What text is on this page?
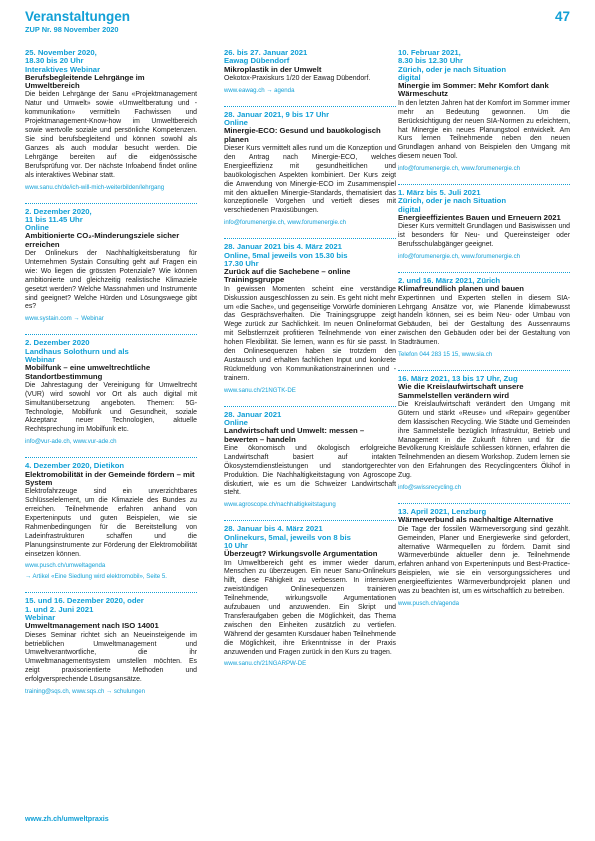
Veranstaltungen
ZUP Nr. 98 November 2020
47
25. November 2020,
18.30 bis 20 Uhr
Interaktives Webinar
Berufsbegleitende Lehrgänge im Umweltbereich
Die beiden Lehrgänge der Sanu «Projektmanagement Natur und Umwelt» sowie «Umweltberatung und -kommunikation» vermitteln Fachwissen und Projektmanagement-Know-how im Umweltbereich sowie wertvolle soziale und persönliche Kompetenzen. Sie sind berufsbegleitend und können sowohl als Ganzes als auch modular besucht werden. Die Lehrgänge bereiten auf die eidgenössische Berufsprüfung vor. Der nächste Infoabend findet online als interaktives Webinar statt.
www.sanu.ch/de/ich-will-mich-weiterbilden/lehrgang
2. Dezember 2020,
11 bis 11.45 Uhr
Online
Ambitionierte CO₂-Minderungsziele sicher erreichen
Der Onlinekurs der Nachhaltigkeitsberatung für Unternehmen Systain Consulting geht auf Fragen ein wie: Wo liegen die grössten Potenziale? Wie können ambitionierte und gleichzeitig realistische Klimaziele gesetzt werden? Welche Massnahmen und Instrumente sind geeignet? Welche Hürden und Lösungswege gibt es?
www.systain.com → Webinar
2. Dezember 2020
Landhaus Solothurn und als
Webinar
Mobilfunk – eine umweltrechtliche Standortbestimmung
Die Jahrestagung der Vereinigung für Umweltrecht (VUR) wird sowohl vor Ort als auch digital mit Simultanübersetzung angeboten. Themen: 5G-Technologie, Mobilfunk und Gesundheit, soziale Akzeptanz neuer Technologien, aktuelle Rechtsprechung im Mobilfunk etc.
info@vur-ade.ch, www.vur-ade.ch
4. Dezember 2020, Dietikon
Elektromobilität in der Gemeinde fördern – mit System
Elektrofahrzeuge sind ein unverzichtbares Schlüsselelement, um die Klimaziele des Bundes zu erreichen. Teilnehmende erfahren anhand von Experteninputs und guten Beispielen, wie sie Rahmenbedingungen für die Bereitstellung von Ladeinfrastrukturen schaffen und die Planungsinstrumente zur Förderung der Elektromobilität einsetzen können.
www.pusch.ch/umweltagenda
→ Artikel «Eine Siedlung wird elektromobil», Seite 5.
15. und 16. Dezember 2020, oder
1. und 2. Juni 2021
Webinar
Umweltmanagement nach ISO 14001
Dieses Seminar richtet sich an Neueinsteigende im betrieblichen Umweltmanagement und Umweltverantwortliche, die ihr Umweltmanagementsystem umstellen möchten. Es zeigt praxisorientierte Methoden und erfolgversprechende Lösungsansätze.
training@sqs.ch, www.sqs.ch → schulungen
26. bis 27. Januar 2021
Eawag Dübendorf
Mikroplastik in der Umwelt
Oekotox-Praxiskurs 1/20 der Eawag Dübendorf.
www.eawag.ch → agenda
28. Januar 2021, 9 bis 17 Uhr
Online
Minergie-ECO: Gesund und bauökologisch planen
Dieser Kurs vermittelt alles rund um die Konzeption und den Antrag nach Minergie-ECO, welches Energieeffizienz mit gesundheitlichen und bauökologischen Aspekten kombiniert. Der Kurs zeigt die Anwendung von Minergie-ECO im Zusammenspiel mit den aktuellen Minergie-Standards, thematisiert das konzeptionelle Vorgehen und vertieft dieses mit verschiedenen Praxisübungen.
info@forumenergie.ch, www.forumenergie.ch
28. Januar 2021 bis 4. März 2021
Online, 5mal jeweils von 15.30 bis
17.30 Uhr
Zurück auf die Sachebene – online Trainingsgruppe
In gewissen Momenten scheint eine verständige Diskussion ausgeschlossen zu sein. Es geht nicht mehr um «die Sache», und gegenseitige Vorwürfe dominieren das Gesprächsverhalten. Die Trainingsgruppe zeigt Wege zurück zur Sachlichkeit. Im neuen Onlineformat mit Selbstlernzeit profitieren Teilnehmende von einer hohen Flexibilität. Sie lernen, wann es für sie passt. In den Onlinesequenzen haben sie trotzdem den Austausch und erhalten fachlichen Input und konkrete Rückmeldung von Kommunikationstrainerinnen und -trainern.
www.sanu.ch/21NGTK-DE
28. Januar 2021
Online
Landwirtschaft und Umwelt: messen – bewerten – handeln
Eine ökonomisch und ökologisch erfolgreiche Landwirtschaft basiert auf intakten Ökosystemdienstleistungen und standortgerechter Produktion. Die Nachhaltigkeitstagung von Agroscope diskutiert, wie es um die Schweizer Landwirtschaft steht.
www.agroscope.ch/nachhaltigkeitstagung
28. Januar bis 4. März 2021
Onlinekurs, 5mal, jeweils von 8 bis
10 Uhr
Überzeugt? Wirkungsvolle Argumentation
Im Umweltbereich geht es immer wieder darum, Menschen zu überzeugen. Ein neuer Sanu-Onlinekurs hilft, diese Fähigkeit zu verbessern. In intensiven zweistündigen Onlinesequenzen trainieren Teilnehmende, wirkungsvolle Argumentationen aufzubauen und anzuwenden. Ein Skript und Transferaufgaben geben die Möglichkeit, das Thema zwischen den Einheiten zusätzlich zu vertiefen. Während der gesamten Kursdauer haben Teilnehmende die Möglichkeit, ihre Erkenntnisse in der Praxis anzuwenden und Fragen zurück in den Kurs zu tragen.
www.sanu.ch/21NGARPW-DE
10. Februar 2021,
8.30 bis 12.30 Uhr
Zürich, oder je nach Situation
digital
Minergie im Sommer: Mehr Komfort dank Wärmeschutz
In den letzten Jahren hat der Komfort im Sommer immer mehr an Bedeutung gewonnen. Um die Berücksichtigung der neuen SIA-Normen zu erleichtern, hat Minergie ein neues Planungstool entwickelt. Am Kurs lernen Teilnehmende neben den neuen Grundlagen anhand von Beispielen den Umgang mit diesem neuen Tool.
info@forumenergie.ch, www.forumenergie.ch
1. März bis 5. Juli 2021
Zürich, oder je nach Situation
digital
Energieeffizientes Bauen und Erneuern 2021
Dieser Kurs vermittelt Grundlagen und Basiswissen und ist besonders für Neu- und Quereinsteiger oder Berufsschulabgänger geeignet.
info@forumenergie.ch, www.forumenergie.ch
2. und 16. März 2021, Zürich
Klimafreundlich planen und bauen
Expertinnen und Experten stellen in diesem SIA-Lehrgang Ansätze vor, wie Planende klimabewusst handeln können, sei es beim Neu- oder Umbau von Gebäuden, bei der Gestaltung des Aussenraums zwischen den Gebäuden oder bei der Gestaltung von Stadträumen.
Telefon 044 283 15 15, www.sia.ch
16. März 2021, 13 bis 17 Uhr, Zug
Wie die Kreislaufwirtschaft unsere Sammelstellen verändern wird
Die Kreislaufwirtschaft verändert den Umgang mit Gütern und stärkt «Reuse» und «Repair» gegenüber dem klassischen Recycling. Wie Städte und Gemeinden ihre Sammelstelle bezüglich Infrastruktur, Betrieb und Management in die Zukunft führen und für die Bevölkerung Kreisläufe schliessen können, erfahren die Teilnehmenden an diesem Workshop. Zudem lernen sie von den Erfahrungen des Recyclingcenters Ökihof in Zug.
info@swissrecycling.ch
13. April 2021, Lenzburg
Wärmeverbund als nachhaltige Alternative
Die Tage der fossilen Wärmeversorgung sind gezählt. Gemeinden, Planer und Energiewerke sind gefordert, alternative Wärmequellen zu fördern. Damit sind Wärmeverbünde aktueller denn je. Teilnehmende erfahren anhand von Experteninputs und Best-Practice-Beispielen, wie sie ein versorgungssicheres und energieeffizientes Wärmeverbundprojekt planen und was zu beachten ist, um es wirtschaftlich zu betreiben.
www.pusch.ch/agenda
www.zh.ch/umweltpraxis
